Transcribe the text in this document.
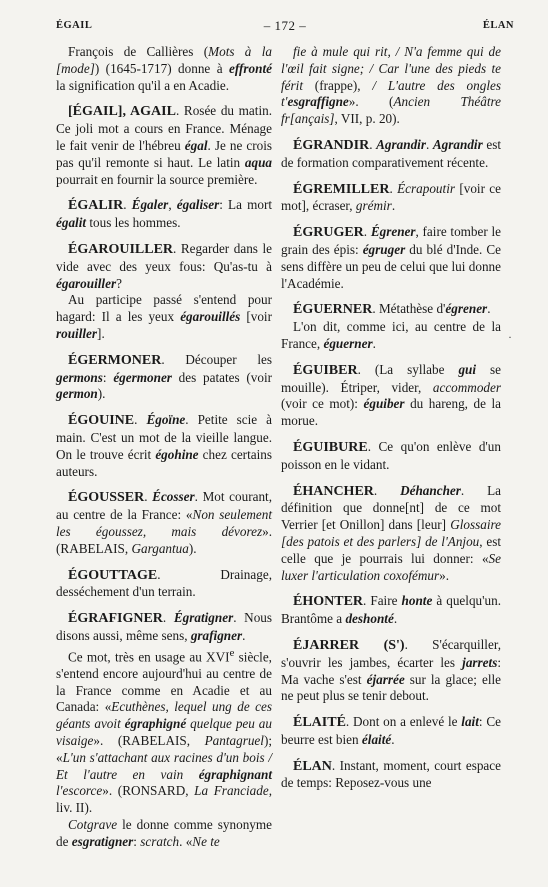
ÉGAIL	– 172 –	ÉLAN

François de Callières (Mots à la [mode]) (1645-1717) donne à effronté la signification qu'il a en Acadie.

[ÉGAIL], AGAIL. Rosée du matin. Ce joli mot a cours en France. Ménage le fait venir de l'hébreu égal. Je ne crois pas qu'il remonte si haut. Le latin aqua pourrait en fournir la source première.

ÉGALIR. Égaler, égaliser: La mort égalit tous les hommes.

ÉGAROUILLER. Regarder dans le vide avec des yeux fous: Qu'as-tu à égarouiller?

Au participe passé s'entend pour hagard: Il a les yeux égarouillés [voir rouiller].

ÉGERMONER. Découper les germons: égermoner des patates (voir germon).

ÉGOUINE. Égoïne. Petite scie à main. C'est un mot de la vieille langue. On le trouve écrit égohine chez certains auteurs.

ÉGOUSSER. Écosser. Mot courant, au centre de la France: «Non seulement les égoussez, mais dévorez». (RABELAIS, Gargantua).

ÉGOUTTAGE. Drainage, desséchement d'un terrain.

ÉGRAFIGNER. Égratigner. Nous disons aussi, même sens, grafigner.

Ce mot, très en usage au XVIe siècle, s'entend encore aujourd'hui au centre de la France comme en Acadie et au Canada: «Ecuthènes, lequel ung de ces géants avoit égraphigné quelque peu au visaige». (RABELAIS, Pantagruel); «L'un s'attachant aux racines d'un bois / Et l'autre en vain égraphignant l'escorce». (RONSARD, La Franciade, liv. II).

Cotgrave le donne comme synonyme de esgratigner: scratch. «Ne te

fie à mule qui rit, / N'a femme qui de l'œil fait signe; / Car l'une des pieds te férit (frappe), / L'autre des ongles t'esgraffigne». (Ancien Théâtre fr[ançais], VII, p. 20).

ÉGRANDIR. Agrandir. Agrandir est de formation comparativement récente.

ÉGREMILLER. Écrapoutir [voir ce mot], écraser, grémir.

ÉGRUGER. Égrener, faire tomber le grain des épis: égruger du blé d'Inde. Ce sens diffère un peu de celui que lui donne l'Académie.

ÉGUERNER. Métathèse d'égrener.

L'on dit, comme ici, au centre de la France, éguerner.

ÉGUIBER. (La syllabe gui se mouille). Étriper, vider, accommoder (voir ce mot): éguiber du hareng, de la morue.

ÉGUIBURE. Ce qu'on enlève d'un poisson en le vidant.

ÉHANCHER. Déhancher. La définition que donne[nt] de ce mot Verrier [et Onillon] dans [leur] Glossaire [des patois et des parlers] de l'Anjou, est celle que je pourrais lui donner: «Se luxer l'articulation coxofémur».

ÉHONTER. Faire honte à quelqu'un. Brantôme a deshonté.

ÉJARRER (S'). S'écarquiller, s'ouvrir les jambes, écarter les jarrets: Ma vache s'est éjarrée sur la glace; elle ne peut plus se tenir debout.

ÉLAITÉ. Dont on a enlevé le lait: Ce beurre est bien élaité.

ÉLAN. Instant, moment, court espace de temps: Reposez-vous une

·
